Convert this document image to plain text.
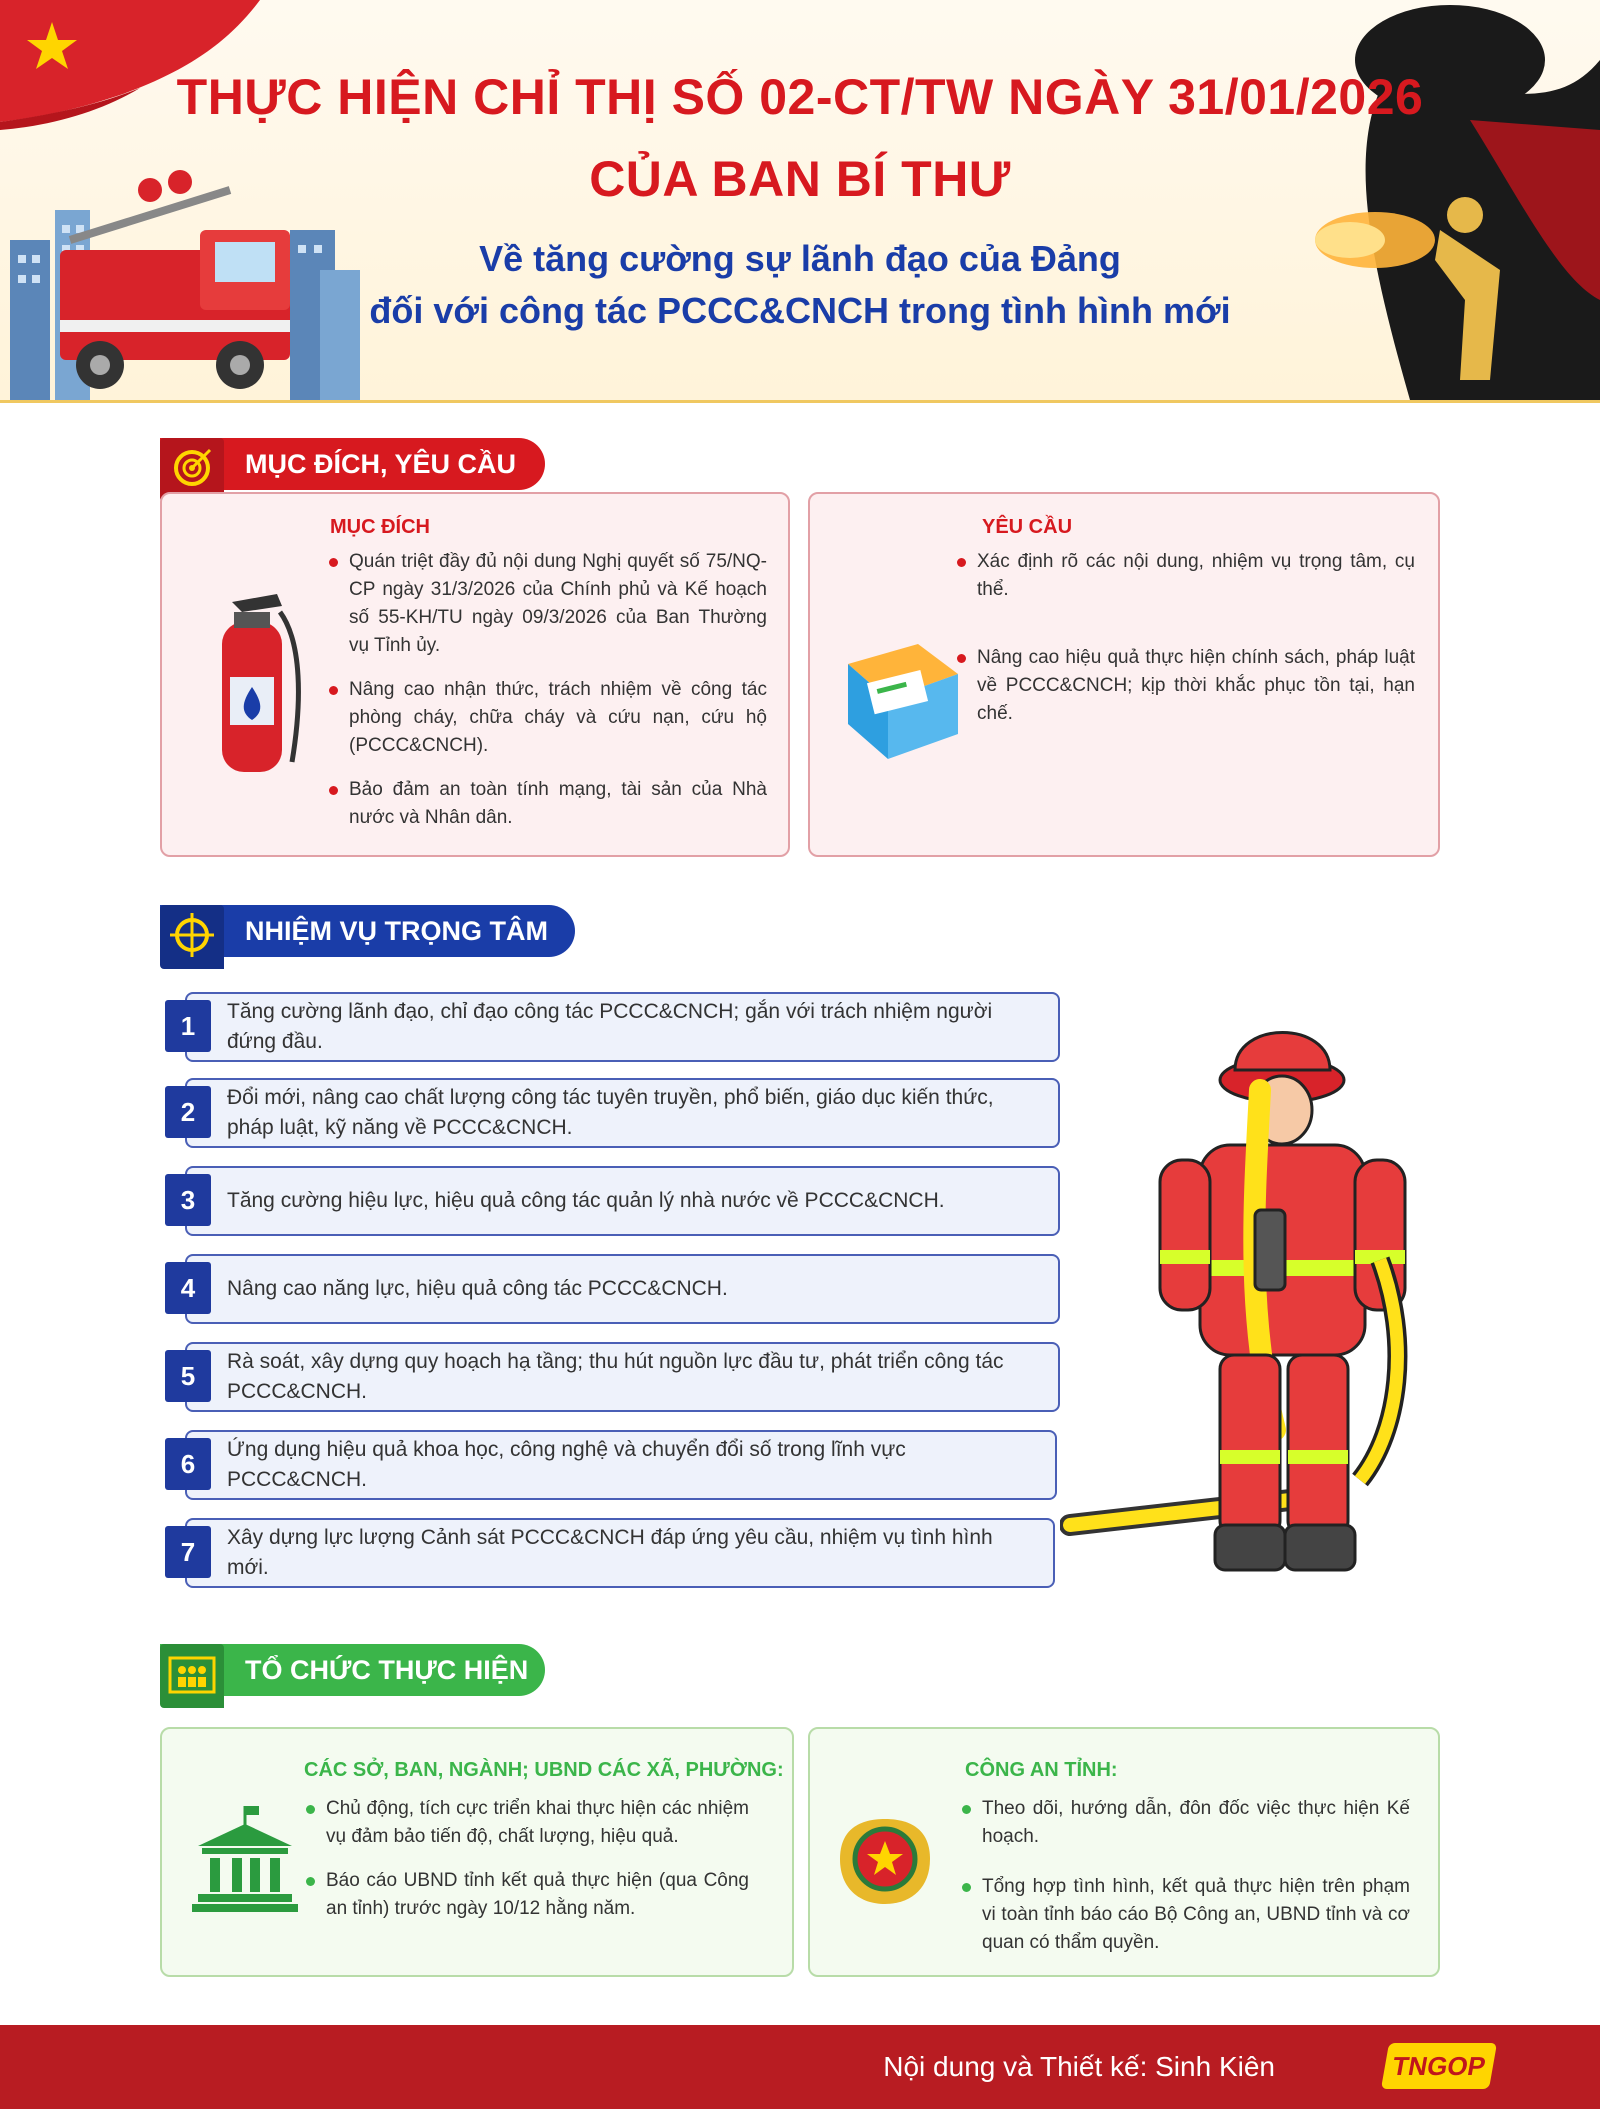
THỰC HIỆN CHỈ THỊ SỐ 02-CT/TW NGÀY 31/01/2026
CỦA BAN BÍ THƯ
Về tăng cường sự lãnh đạo của Đảng
đối với công tác PCCC&CNCH trong tình hình mới
MỤC ĐÍCH, YÊU CẦU
MỤC ĐÍCH
Quán triệt đầy đủ nội dung Nghị quyết số 75/NQ-CP ngày 31/3/2026 của Chính phủ và Kế hoạch số 55-KH/TU ngày 09/3/2026 của Ban Thường vụ Tỉnh ủy.
Nâng cao nhận thức, trách nhiệm về công tác phòng cháy, chữa cháy và cứu nạn, cứu hộ (PCCC&CNCH).
Bảo đảm an toàn tính mạng, tài sản của Nhà nước và Nhân dân.
YÊU CẦU
Xác định rõ các nội dung, nhiệm vụ trọng tâm, cụ thể.
Nâng cao hiệu quả thực hiện chính sách, pháp luật về PCCC&CNCH; kịp thời khắc phục tồn tại, hạn chế.
NHIỆM VỤ TRỌNG TÂM
1	Tăng cường lãnh đạo, chỉ đạo công tác PCCC&CNCH; gắn với trách nhiệm người đứng đầu.
2	Đổi mới, nâng cao chất lượng công tác tuyên truyền, phổ biến, giáo dục kiến thức, pháp luật, kỹ năng về PCCC&CNCH.
3	Tăng cường hiệu lực, hiệu quả công tác quản lý nhà nước về PCCC&CNCH.
4	Nâng cao năng lực, hiệu quả công tác PCCC&CNCH.
5	Rà soát, xây dựng quy hoạch hạ tầng; thu hút nguồn lực đầu tư, phát triển công tác PCCC&CNCH.
6	Ứng dụng hiệu quả khoa học, công nghệ và chuyển đổi số trong lĩnh vực PCCC&CNCH.
7	Xây dựng lực lượng Cảnh sát PCCC&CNCH đáp ứng yêu cầu, nhiệm vụ tình hình mới.
TỔ CHỨC THỰC HIỆN
CÁC SỞ, BAN, NGÀNH; UBND CÁC XÃ, PHƯỜNG:
Chủ động, tích cực triển khai thực hiện các nhiệm vụ đảm bảo tiến độ, chất lượng, hiệu quả.
Báo cáo UBND tỉnh kết quả thực hiện (qua Công an tỉnh) trước ngày 10/12 hằng năm.
CÔNG AN TỈNH:
Theo dõi, hướng dẫn, đôn đốc việc thực hiện Kế hoạch.
Tổng hợp tình hình, kết quả thực hiện trên phạm vi toàn tỉnh báo cáo Bộ Công an, UBND tỉnh và cơ quan có thẩm quyền.
Nội dung và Thiết kế: Sinh Kiên	TNGOP
